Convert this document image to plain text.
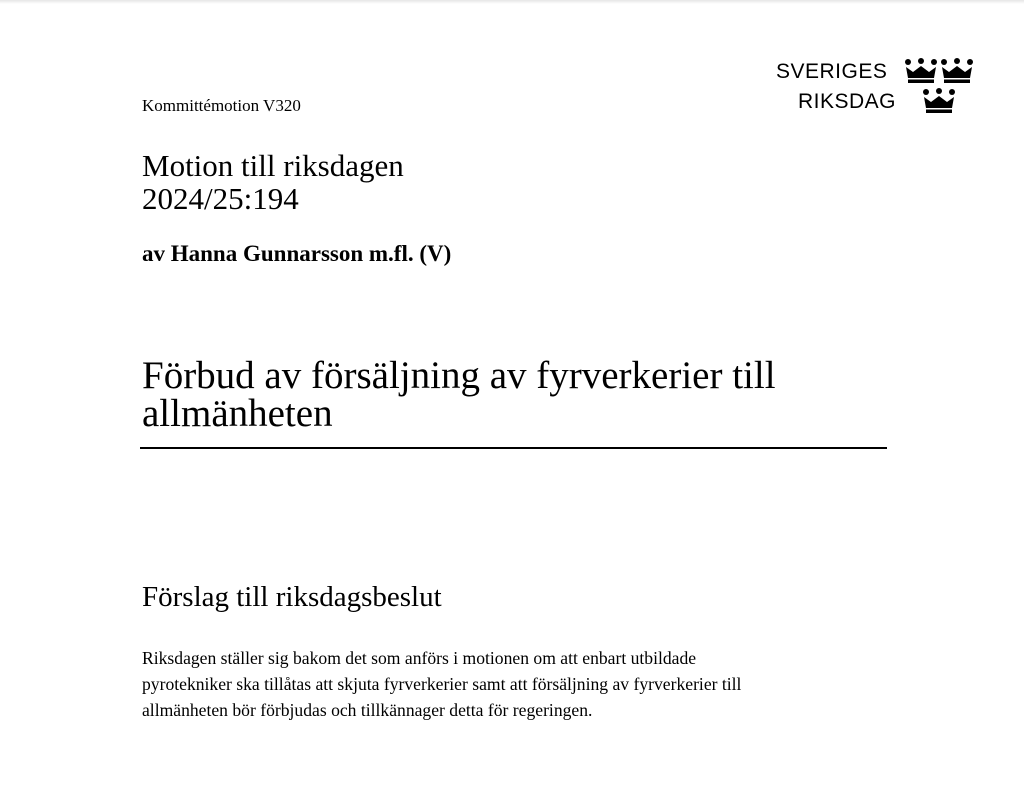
SVERIGES
RIKSDAG
Kommittémotion V320
Motion till riksdagen
2024/25:194
av Hanna Gunnarsson m.fl. (V)
Förbud av försäljning av fyrverkerier till
allmänheten
Förslag till riksdagsbeslut
Riksdagen ställer sig bakom det som anförs i motionen om att enbart utbildade
pyrotekniker ska tillåtas att skjuta fyrverkerier samt att försäljning av fyrverkerier till
allmänheten bör förbjudas och tillkännager detta för regeringen.
